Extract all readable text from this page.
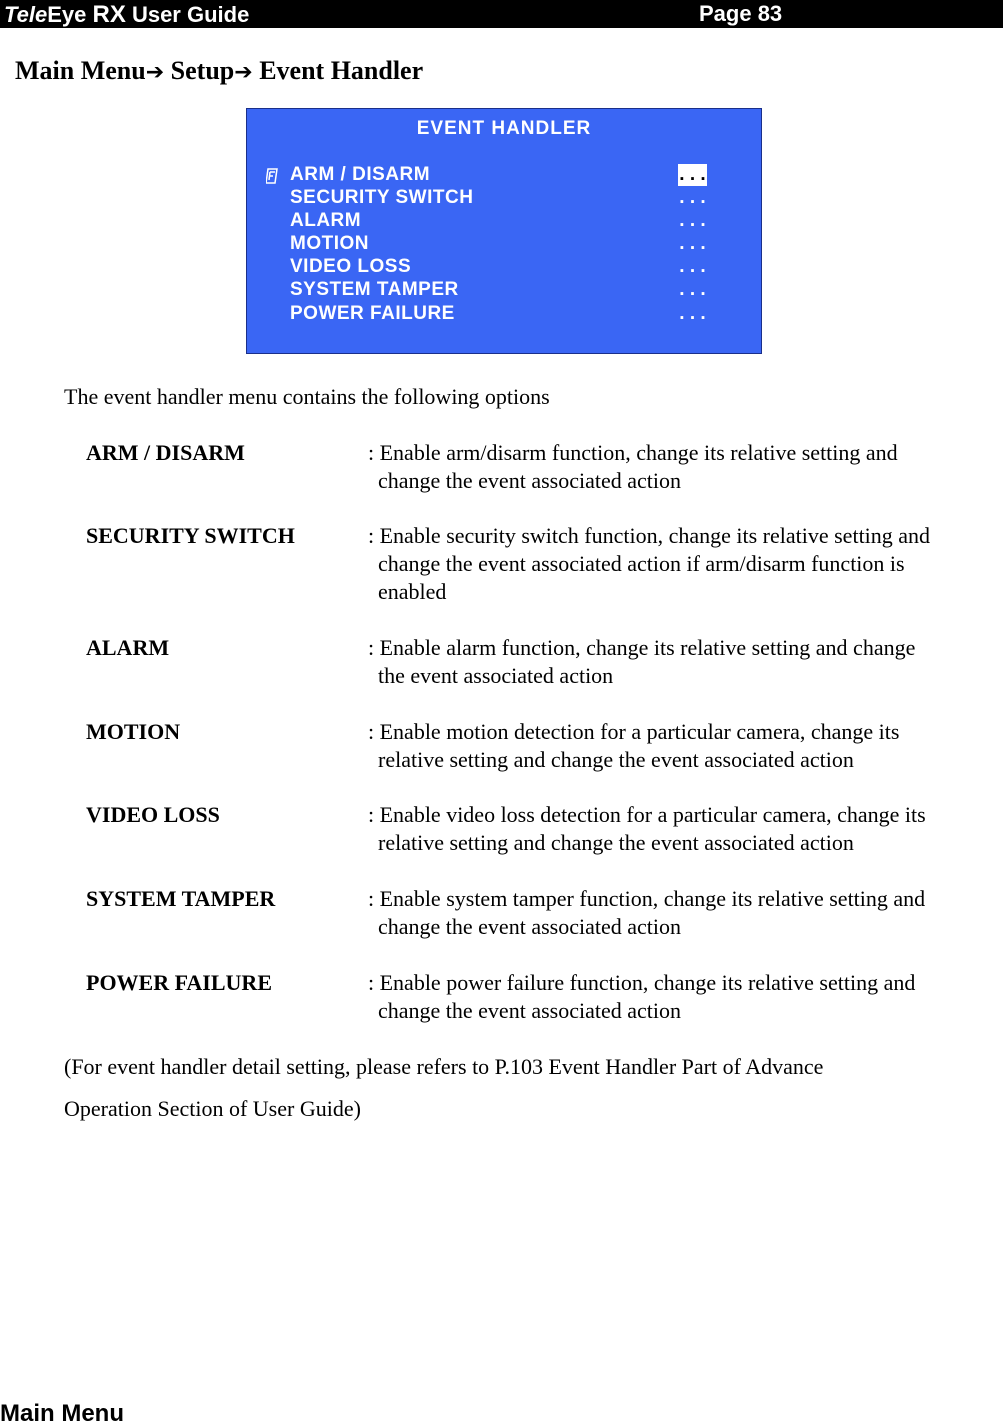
TeleEye RX User Guide	Page 83
Main Menu➔ Setup➔ Event Handler
EVENT HANDLER
ARM / DISARM	. . .
SECURITY SWITCH	. . .
ALARM	. . .
MOTION	. . .
VIDEO LOSS	. . .
SYSTEM TAMPER	. . .
POWER FAILURE	. . .
The event handler menu contains the following options
ARM / DISARM	: Enable arm/disarm function, change its relative setting and
change the event associated action
SECURITY SWITCH	: Enable security switch function, change its relative setting and
change the event associated action if arm/disarm function is
enabled
ALARM	: Enable alarm function, change its relative setting and change
the event associated action
MOTION	: Enable motion detection for a particular camera, change its
relative setting and change the event associated action
VIDEO LOSS	: Enable video loss detection for a particular camera, change its
relative setting and change the event associated action
SYSTEM TAMPER	: Enable system tamper function, change its relative setting and
change the event associated action
POWER FAILURE	: Enable power failure function, change its relative setting and
change the event associated action
(For event handler detail setting, please refers to P.103 Event Handler Part of Advance
Operation Section of User Guide)
Main Menu
